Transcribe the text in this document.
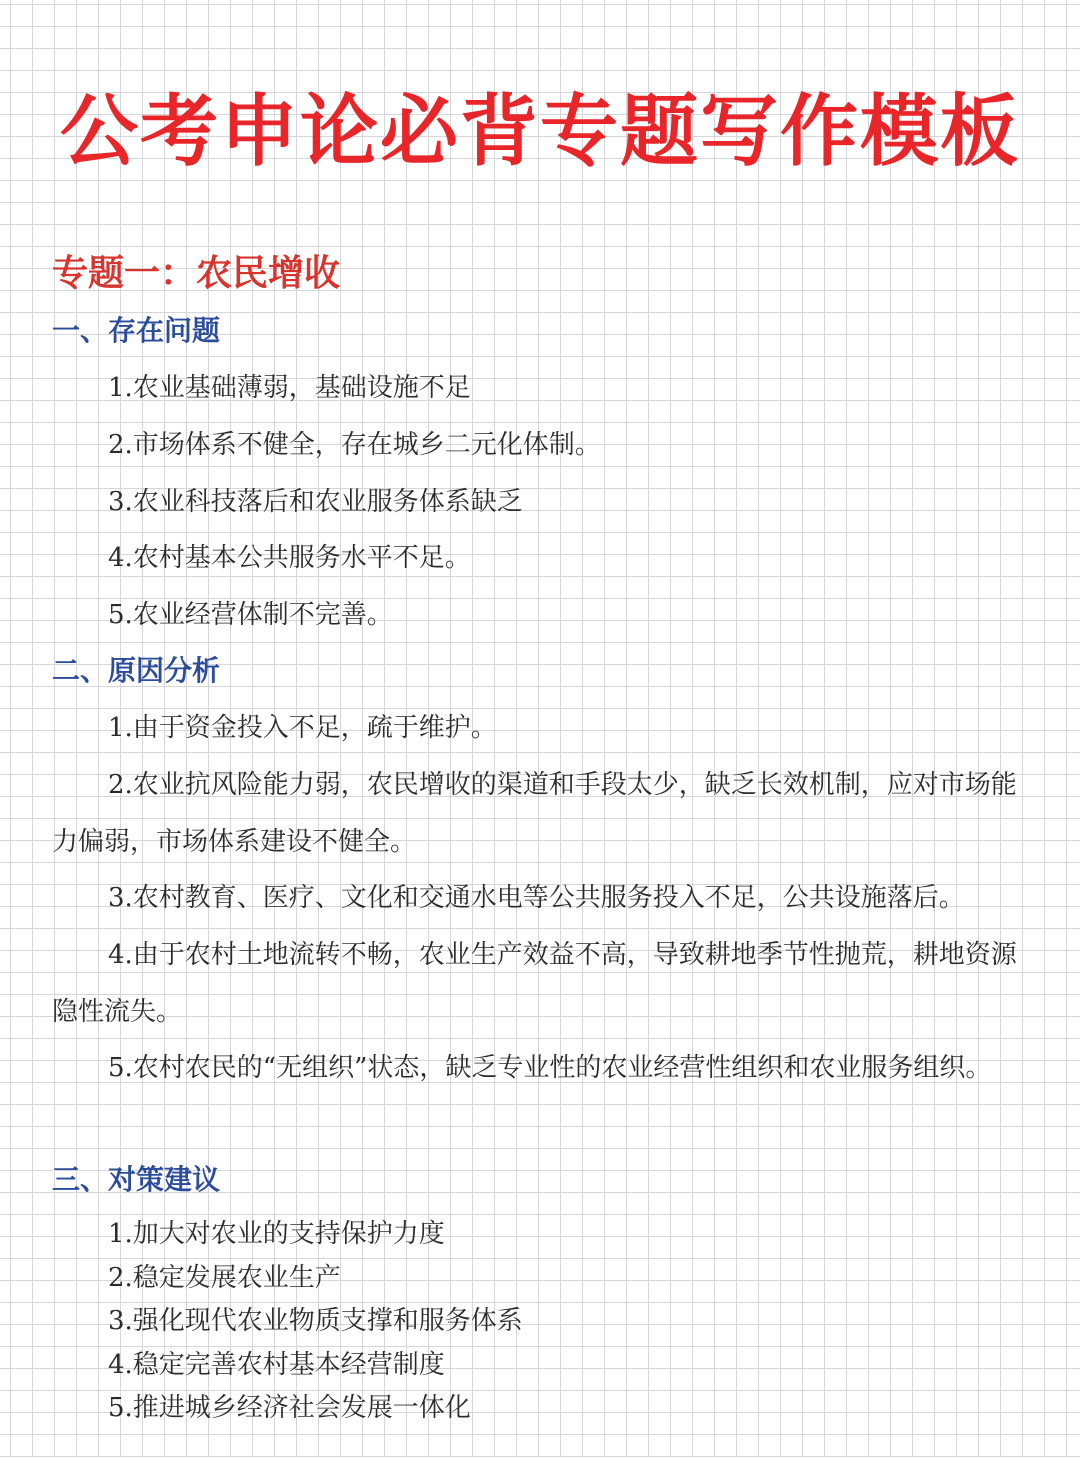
公考申论必背专题写作模板
专题一：农民增收
一、存在问题

1.农业基础薄弱，基础设施不足

2.市场体系不健全，存在城乡二元化体制。

3.农业科技落后和农业服务体系缺乏

4.农村基本公共服务水平不足。

5.农业经营体制不完善。

二、原因分析

1.由于资金投入不足，疏于维护。

2.农业抗风险能力弱，农民增收的渠道和手段太少，缺乏长效机制，应对市场能力偏弱，市场体系建设不健全。

3.农村教育、医疗、文化和交通水电等公共服务投入不足，公共设施落后。

4.由于农村土地流转不畅，农业生产效益不高，导致耕地季节性抛荒，耕地资源隐性流失。

5.农村农民的“无组织”状态，缺乏专业性的农业经营性组织和农业服务组织。

三、对策建议

1.加大对农业的支持保护力度

2.稳定发展农业生产

3.强化现代农业物质支撑和服务体系

4.稳定完善农村基本经营制度

5.推进城乡经济社会发展一体化
